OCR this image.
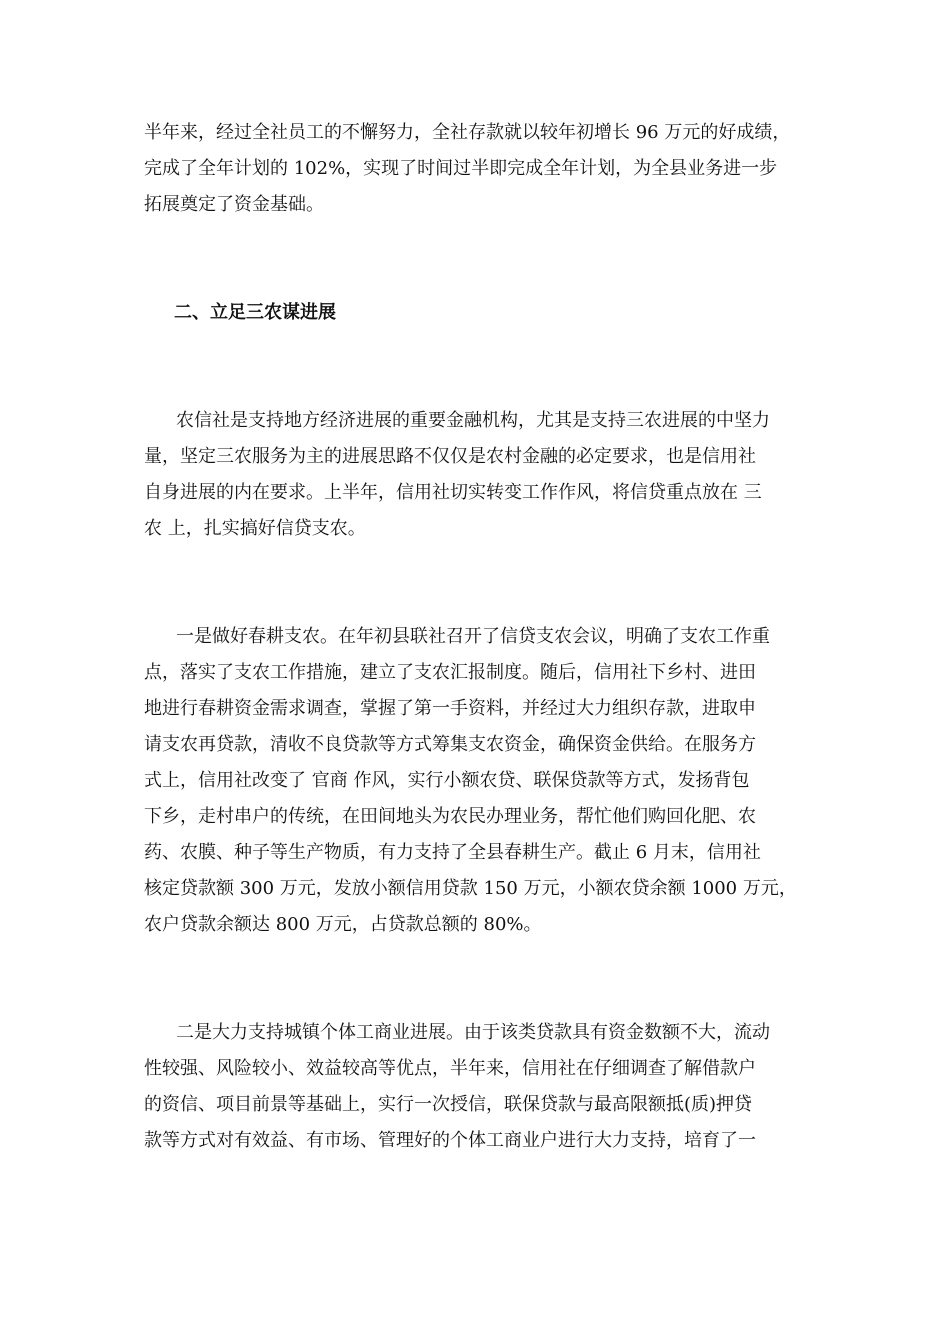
半年来，经过全社员工的不懈努力，全社存款就以较年初增长 96 万元的好成绩，
完成了全年计划的 102%，实现了时间过半即完成全年计划，为全县业务进一步
拓展奠定了资金基础。
二、立足三农谋进展
农信社是支持地方经济进展的重要金融机构，尤其是支持三农进展的中坚力
量，坚定三农服务为主的进展思路不仅仅是农村金融的必定要求，也是信用社
自身进展的内在要求。上半年，信用社切实转变工作作风，将信贷重点放在 三
农 上，扎实搞好信贷支农。
一是做好春耕支农。在年初县联社召开了信贷支农会议，明确了支农工作重
点，落实了支农工作措施，建立了支农汇报制度。随后，信用社下乡村、进田
地进行春耕资金需求调查，掌握了第一手资料，并经过大力组织存款，进取申
请支农再贷款，清收不良贷款等方式筹集支农资金，确保资金供给。在服务方
式上，信用社改变了 官商 作风，实行小额农贷、联保贷款等方式，发扬背包
下乡，走村串户的传统，在田间地头为农民办理业务，帮忙他们购回化肥、农
药、农膜、种子等生产物质，有力支持了全县春耕生产。截止 6 月末，信用社
核定贷款额 300 万元，发放小额信用贷款 150 万元，小额农贷余额 1000 万元，
农户贷款余额达 800 万元，占贷款总额的 80%。
二是大力支持城镇个体工商业进展。由于该类贷款具有资金数额不大，流动
性较强、风险较小、效益较高等优点，半年来，信用社在仔细调查了解借款户
的资信、项目前景等基础上，实行一次授信，联保贷款与最高限额抵(质)押贷
款等方式对有效益、有市场、管理好的个体工商业户进行大力支持，培育了一
